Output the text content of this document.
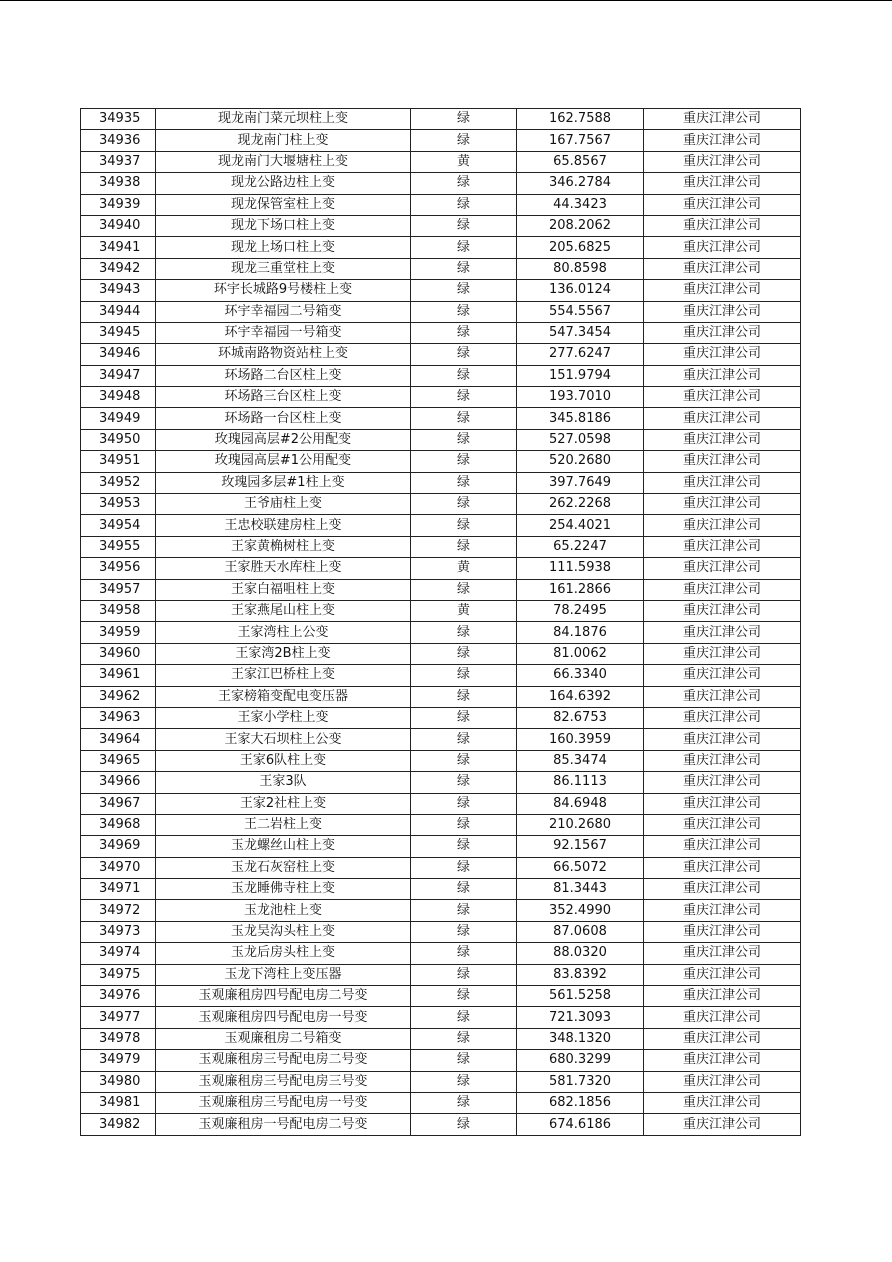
34935	现龙南门菜元坝柱上变	绿	162.7588	重庆江津公司
34936	现龙南门柱上变	绿	167.7567	重庆江津公司
34937	现龙南门大堰塘柱上变	黄	65.8567	重庆江津公司
34938	现龙公路边柱上变	绿	346.2784	重庆江津公司
34939	现龙保管室柱上变	绿	44.3423	重庆江津公司
34940	现龙下场口柱上变	绿	208.2062	重庆江津公司
34941	现龙上场口柱上变	绿	205.6825	重庆江津公司
34942	现龙三重堂柱上变	绿	80.8598	重庆江津公司
34943	环宇长城路9号楼柱上变	绿	136.0124	重庆江津公司
34944	环宇幸福园二号箱变	绿	554.5567	重庆江津公司
34945	环宇幸福园一号箱变	绿	547.3454	重庆江津公司
34946	环城南路物资站柱上变	绿	277.6247	重庆江津公司
34947	环场路二台区柱上变	绿	151.9794	重庆江津公司
34948	环场路三台区柱上变	绿	193.7010	重庆江津公司
34949	环场路一台区柱上变	绿	345.8186	重庆江津公司
34950	玫瑰园高层#2公用配变	绿	527.0598	重庆江津公司
34951	玫瑰园高层#1公用配变	绿	520.2680	重庆江津公司
34952	玫瑰园多层#1柱上变	绿	397.7649	重庆江津公司
34953	王爷庙柱上变	绿	262.2268	重庆江津公司
34954	王忠校联建房柱上变	绿	254.4021	重庆江津公司
34955	王家黄桷树柱上变	绿	65.2247	重庆江津公司
34956	王家胜天水库柱上变	黄	111.5938	重庆江津公司
34957	王家白福咀柱上变	绿	161.2866	重庆江津公司
34958	王家燕尾山柱上变	黄	78.2495	重庆江津公司
34959	王家湾柱上公变	绿	84.1876	重庆江津公司
34960	王家湾2B柱上变	绿	81.0062	重庆江津公司
34961	王家江巴桥柱上变	绿	66.3340	重庆江津公司
34962	王家榜箱变配电变压器	绿	164.6392	重庆江津公司
34963	王家小学柱上变	绿	82.6753	重庆江津公司
34964	王家大石坝柱上公变	绿	160.3959	重庆江津公司
34965	王家6队柱上变	绿	85.3474	重庆江津公司
34966	王家3队	绿	86.1113	重庆江津公司
34967	王家2社柱上变	绿	84.6948	重庆江津公司
34968	王二岩柱上变	绿	210.2680	重庆江津公司
34969	玉龙螺丝山柱上变	绿	92.1567	重庆江津公司
34970	玉龙石灰窑柱上变	绿	66.5072	重庆江津公司
34971	玉龙睡佛寺柱上变	绿	81.3443	重庆江津公司
34972	玉龙池柱上变	绿	352.4990	重庆江津公司
34973	玉龙吴沟头柱上变	绿	87.0608	重庆江津公司
34974	玉龙后房头柱上变	绿	88.0320	重庆江津公司
34975	玉龙下湾柱上变压器	绿	83.8392	重庆江津公司
34976	玉观廉租房四号配电房二号变	绿	561.5258	重庆江津公司
34977	玉观廉租房四号配电房一号变	绿	721.3093	重庆江津公司
34978	玉观廉租房二号箱变	绿	348.1320	重庆江津公司
34979	玉观廉租房三号配电房二号变	绿	680.3299	重庆江津公司
34980	玉观廉租房三号配电房三号变	绿	581.7320	重庆江津公司
34981	玉观廉租房三号配电房一号变	绿	682.1856	重庆江津公司
34982	玉观廉租房一号配电房二号变	绿	674.6186	重庆江津公司
